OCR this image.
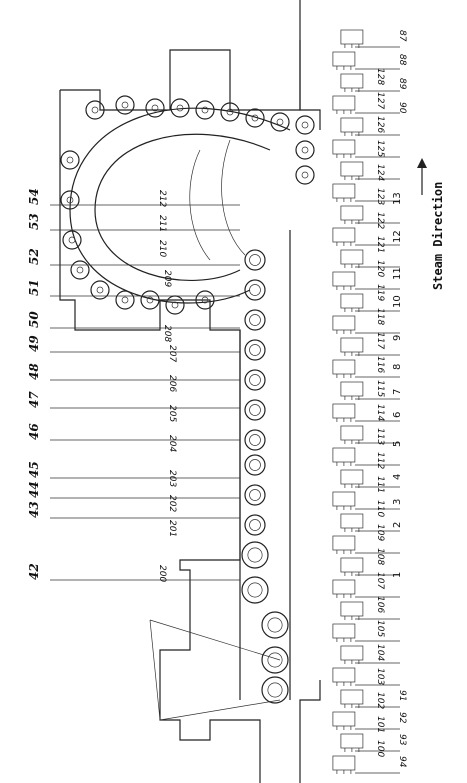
1
2
3
4
5
6
7
8
9
10
11
12
13
42
43
44
45
46
47
48
49
50
51
52
53
54
200
201
202
203
204
205
206
207
208
209
210
211
212
100
101
102
103
104
105
106
107
108
109
110
111
112
113
114
115
116
117
118
119
120
121
122
123
124
125
126
127
128
87
88
89
90
91
92
93
94
Steam Direction
